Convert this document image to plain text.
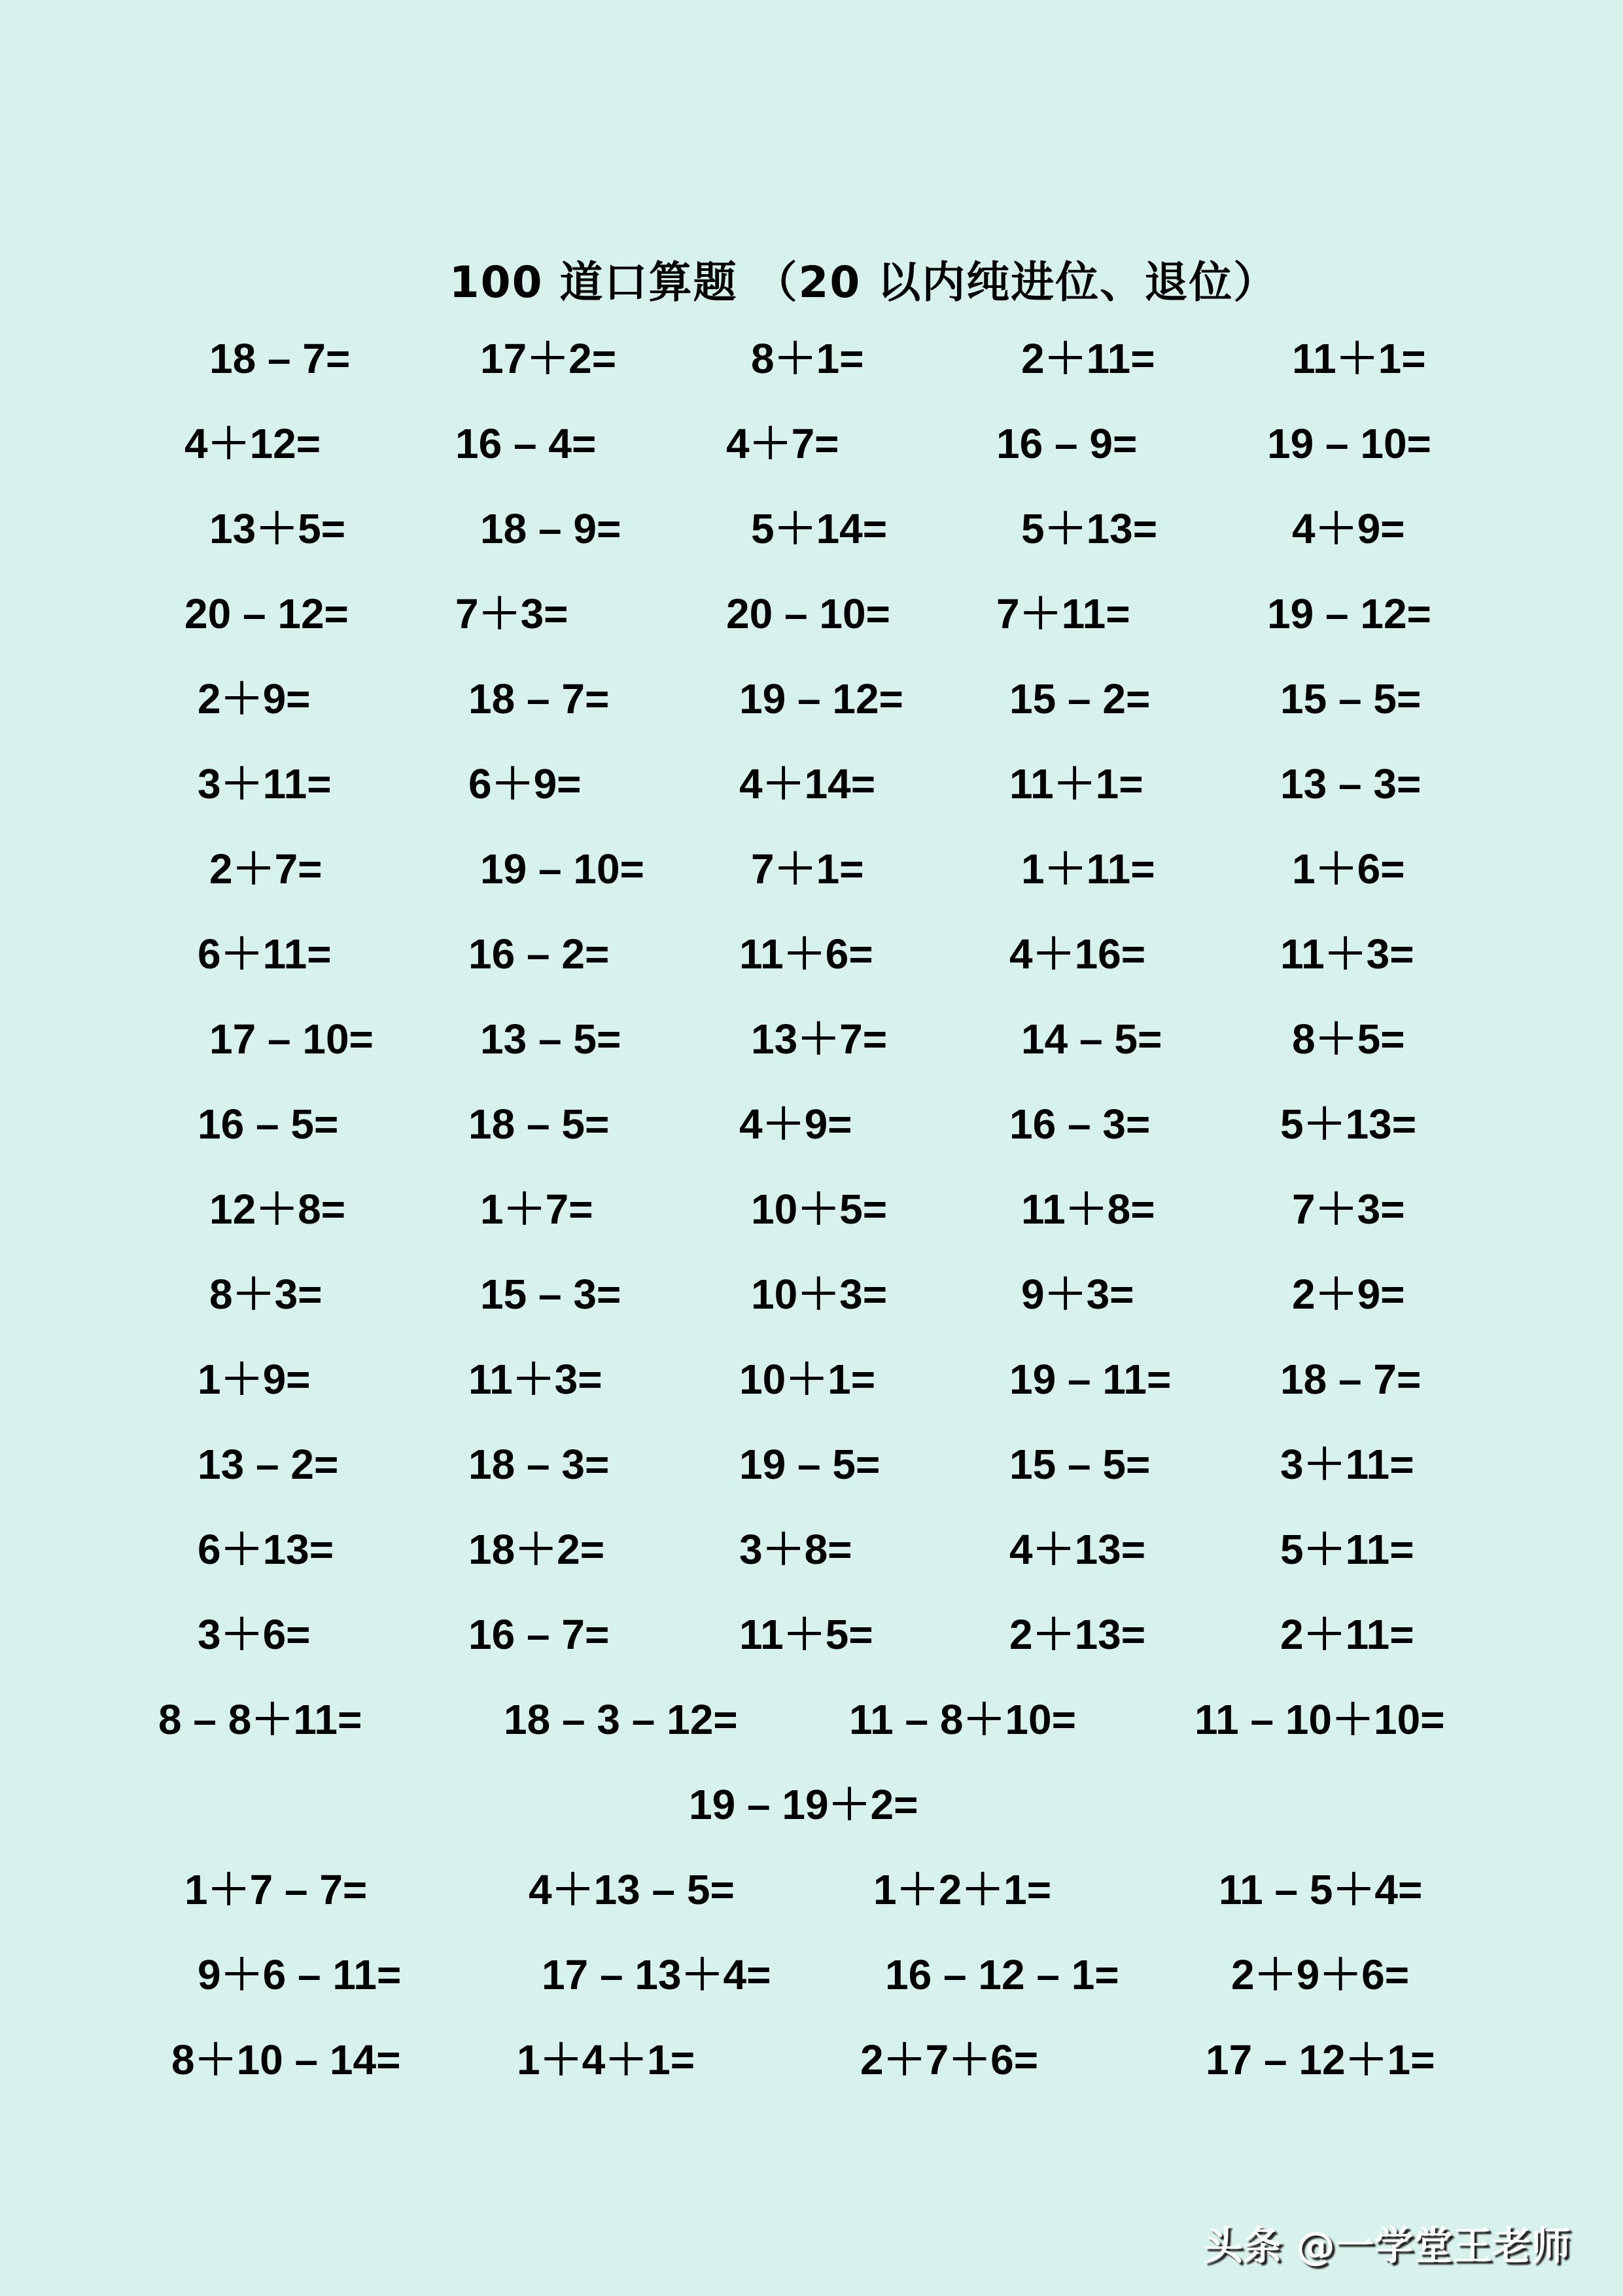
100 道口算题 （20 以内纯进位、退位）
18 – 7=	17＋2=	8＋1=	2＋11=	11＋1=
4＋12=	16 – 4=	4＋7=	16 – 9=	19 – 10=
13＋5=	18 – 9=	5＋14=	5＋13=	4＋9=
20 – 12=	7＋3=	20 – 10=	7＋11=	19 – 12=
2＋9=	18 – 7=	19 – 12=	15 – 2=	15 – 5=
3＋11=	6＋9=	4＋14=	11＋1=	13 – 3=
2＋7=	19 – 10=	7＋1=	1＋11=	1＋6=
6＋11=	16 – 2=	11＋6=	4＋16=	11＋3=
17 – 10=	13 – 5=	13＋7=	14 – 5=	8＋5=
16 – 5=	18 – 5=	4＋9=	16 – 3=	5＋13=
12＋8=	1＋7=	10＋5=	11＋8=	7＋3=
8＋3=	15 – 3=	10＋3=	9＋3=	2＋9=
1＋9=	11＋3=	10＋1=	19 – 11=	18 – 7=
13 – 2=	18 – 3=	19 – 5=	15 – 5=	3＋11=
6＋13=	18＋2=	3＋8=	4＋13=	5＋11=
3＋6=	16 – 7=	11＋5=	2＋13=	2＋11=
8 – 8＋11=	18 – 3 – 12=	11 – 8＋10=	11 – 10＋10=
19 – 19＋2=
1＋7 – 7=	4＋13 – 5=	1＋2＋1=	11 – 5＋4=
9＋6 – 11=	17 – 13＋4=	16 – 12 – 1=	2＋9＋6=
8＋10 – 14=	1＋4＋1=	2＋7＋6=	17 – 12＋1=
头条 @一学堂王老师
